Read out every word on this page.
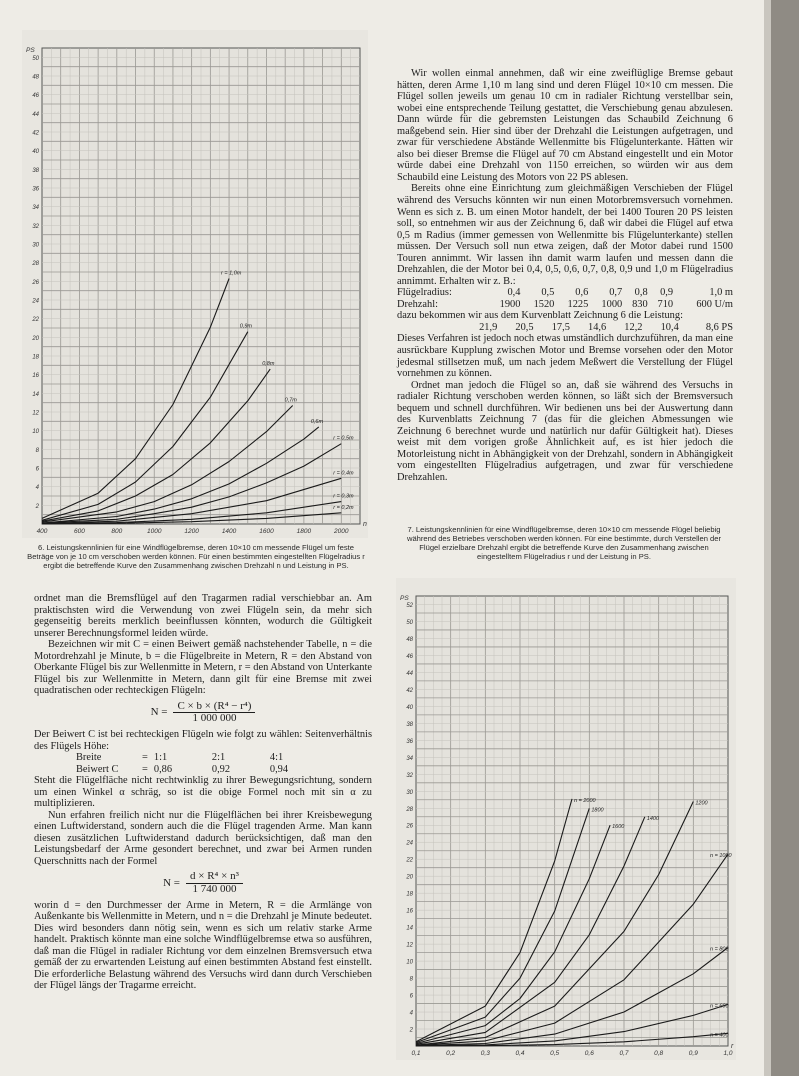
2
4
6
8
10
12
14
16
18
20
22
24
26
28
30
32
34
36
38
40
42
44
46
48
50
400	600	800	1000	1200	1400	1600	1800	2000
PS
n
r = 1,0m
0,9m
0,8m
0,7m
0,6m
r = 0,5m
r = 0,4m
r = 0,3m
r = 0,2m
6. Leistungskennlinien für eine Windflügelbremse, deren 10×10 cm messende Flügel um feste Beträge von je 10 cm verschoben werden können. Für einen bestimmten eingestellten Flügelradius r ergibt die betreffende Kurve den Zusammenhang zwischen Drehzahl n und Leistung in PS.

ordnet man die Bremsflügel auf den Tragarmen radial verschiebbar an. Am praktischsten wird die Verwendung von zwei Flügeln sein, da mehr sich gegenseitig bereits merklich beeinflussen könnten, wodurch die Gültigkeit unserer Berechnungsformel leiden würde.

Bezeichnen wir mit C = einen Beiwert gemäß nachstehender Tabelle, n = die Motordrehzahl je Minute, b = die Flügelbreite in Metern, R = den Abstand von Oberkante Flügel bis zur Wellenmitte in Metern, r = den Abstand von Unterkante Flügel bis zur Wellenmitte in Metern, dann gilt für eine Bremse mit zwei quadratischen oder rechteckigen Flügeln:

$N = \frac{\text{C × b × (R⁴ − r⁴)}}{1 000 000}$

Der Beiwert C ist bei rechteckigen Flügeln wie folgt zu wählen: Seitenverhältnis des Flügels Höhe:

Breite	=	1:1	2:1	4:1
Beiwert C	=	0,86	0,92	0,94

Steht die Flügelfläche nicht rechtwinklig zu ihrer Bewegungsrichtung, sondern um einen Winkel α schräg, so ist die obige Formel noch mit sin α zu multiplizieren.

Nun erfahren freilich nicht nur die Flügelflächen bei ihrer Kreisbewegung einen Luftwiderstand, sondern auch die die Flügel tragenden Arme. Man kann diesen zusätzlichen Luftwiderstand dadurch berücksichtigen, daß man den Leistungsbedarf der Arme gesondert berechnet, und zwar bei Armen runden Querschnitts nach der Formel

$N = \frac{\text{d × R⁴ × n³}}{1 740 000}$

worin d = den Durchmesser der Arme in Metern, R = die Armlänge von Außenkante bis Wellenmitte in Metern, und n = die Drehzahl je Minute bedeutet. Dies wird besonders dann nötig sein, wenn es sich um relativ starke Arme handelt. Praktisch könnte man eine solche Windflügelbremse etwa so ausführen, daß man die Flügel in radialer Richtung vor dem einzelnen Bremsversuch etwa gemäß der zu erwartenden Leistung auf einen bestimmten Abstand fest einstellt. Die erforderliche Belastung während des Versuchs wird dann durch Verschieben der Flügel längs der Tragarme erreicht.

Wir wollen einmal annehmen, daß wir eine zweiflüglige Bremse gebaut hätten, deren Arme 1,10 m lang sind und deren Flügel 10×10 cm messen. Die Flügel sollen jeweils um genau 10 cm in radialer Richtung verstellbar sein, wobei eine entsprechende Teilung gestattet, die Verschiebung genau abzulesen. Dann würde für die gebremsten Leistungen das Schaubild Zeichnung 6 maßgebend sein. Hier sind über der Drehzahl die Leistungen aufgetragen, und zwar für verschiedene Abstände Wellenmitte bis Flügelunterkante. Hätten wir also bei dieser Bremse die Flügel auf 70 cm Abstand eingestellt und ein Motor würde dabei eine Drehzahl von 1150 erreichen, so würden wir aus dem Schaubild eine Leistung des Motors von 22 PS ablesen.

Bereits ohne eine Einrichtung zum gleichmäßigen Verschieben der Flügel während des Versuchs könnten wir nun einen Motorbremsversuch vornehmen. Wenn es sich z. B. um einen Motor handelt, der bei 1400 Touren 20 PS leisten soll, so entnehmen wir aus der Zeichnung 6, daß wir dabei die Flügel auf etwa 0,5 m Radius (immer gemessen von Wellenmitte bis Flügelunterkante) stellen müssen. Der Versuch soll nun etwa zeigen, daß der Motor dabei rund 1500 Touren annimmt. Wir lassen ihn damit warm laufen und messen dann die Drehzahlen, die der Motor bei 0,4, 0,5, 0,6, 0,7, 0,8, 0,9 und 1,0 m Flügelradius annimmt. Erhalten wir z. B.:

Flügelradius:	0,4	0,5	0,6	0,7	0,8	0,9	1,0 m
Drehzahl:	1900	1520	1225	1000	830	710	600 U/m

dazu bekommen wir aus dem Kurvenblatt Zeichnung 6 die Leistung:

	21,9	20,5	17,5	14,6	12,2	10,4	8,6 PS

Dieses Verfahren ist jedoch noch etwas umständlich durchzuführen, da man eine ausrückbare Kupplung zwischen Motor und Bremse vorsehen oder den Motor jedesmal stillsetzen muß, um nach jedem Meßwert die Verstellung der Flügel vornehmen zu können.

Ordnet man jedoch die Flügel so an, daß sie während des Versuchs in radialer Richtung verschoben werden können, so läßt sich der Bremsversuch bequem und schnell durchführen. Wir bedienen uns bei der Auswertung dann des Kurvenblatts Zeichnung 7 (das für die gleichen Abmessungen wie Zeichnung 6 berechnet wurde und natürlich nur dafür Gültigkeit hat). Dieses weist mit dem vorigen große Ähnlichkeit auf, es ist hier jedoch die Motorleistung nicht in Abhängigkeit von der Drehzahl, sondern in Abhängigkeit vom eingestellten Flügelradius aufgetragen, und zwar für verschiedene Drehzahlen.

7. Leistungskennlinien für eine Windflügelbremse, deren 10×10 cm messende Flügel beliebig während des Betriebes verschoben werden können. Für eine bestimmte, durch Verstellen der Flügel erzielbare Drehzahl ergibt die betreffende Kurve den Zusammenhang zwischen eingestelltem Flügelradius r und der Leistung in PS.
2
4
6
8
10
12
14
16
18
20
22
24
26
28
30
32
34
36
38
40
42
44
46
48
50
52
0,1	0,2	0,3	0,4	0,5	0,6	0,7	0,8	0,9	1,0
PS
r
n = 2000
1800
1600
1400
1200
n = 1000
n = 800
n = 600
n = 400
